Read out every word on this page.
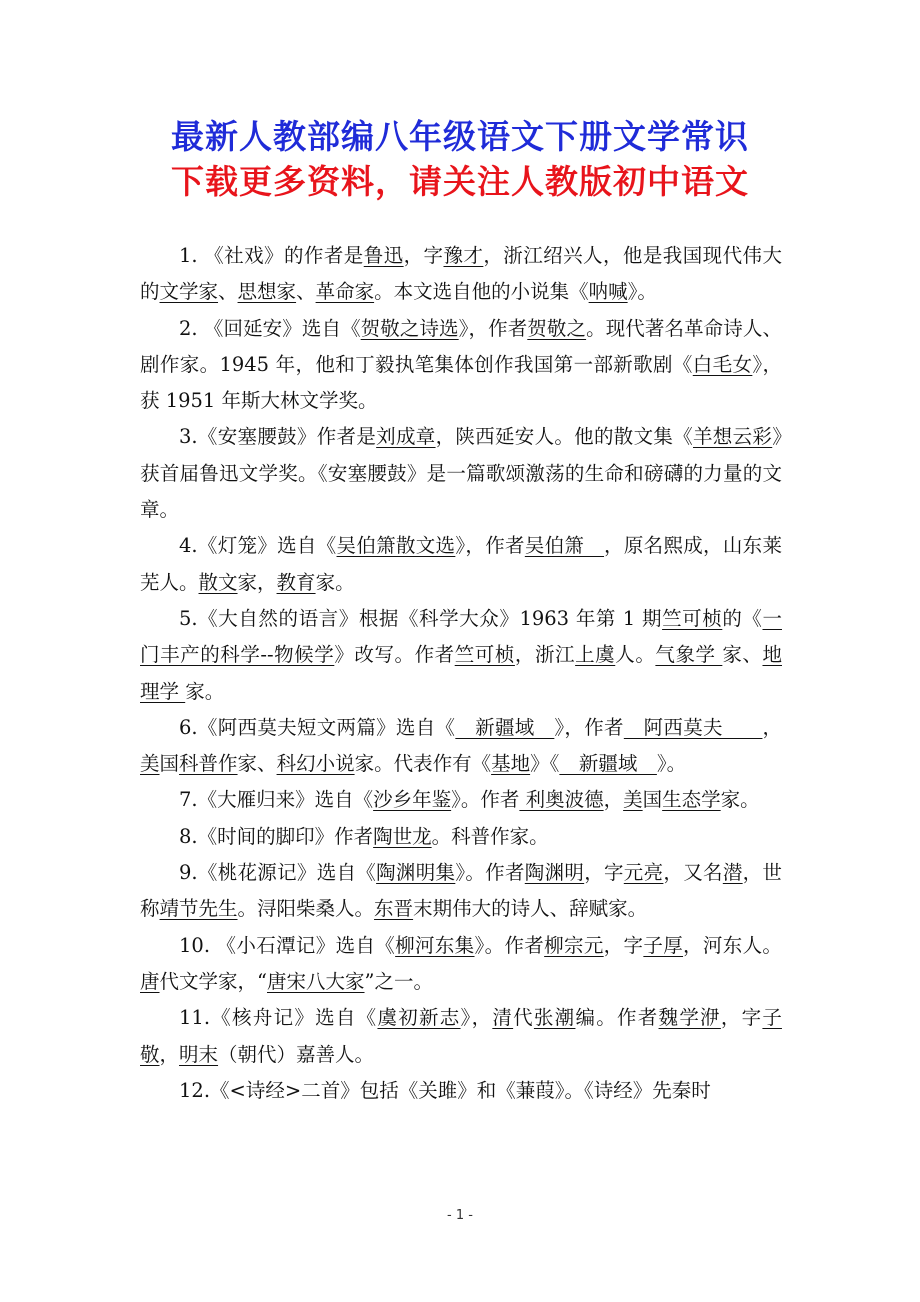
最新人教部编八年级语文下册文学常识
下载更多资料，请关注人教版初中语文

1. 《社戏》的作者是鲁迅，字豫才，浙江绍兴人，他是我国现代伟大的文学家、思想家、革命家。本文选自他的小说集《呐喊》。

2. 《回延安》选自《贺敬之诗选》，作者贺敬之。现代著名革命诗人、剧作家。1945 年，他和丁毅执笔集体创作我国第一部新歌剧《白毛女》，获 1951 年斯大林文学奖。

3.《安塞腰鼓》作者是刘成章，陕西延安人。他的散文集《羊想云彩》获首届鲁迅文学奖。《安塞腰鼓》是一篇歌颂激荡的生命和磅礴的力量的文章。

4.《灯笼》选自《吴伯箫散文选》，作者吴伯箫　，原名熙成，山东莱芜人。散文家，教育家。

5.《大自然的语言》根据《科学大众》1963 年第 1 期竺可桢的《一门丰产的科学--物候学》改写。作者竺可桢，浙江上虞人。气象学 家、地理学 家。

6.《阿西莫夫短文两篇》选自《　新疆域　》，作者　阿西莫夫　　，美国科普作家、科幻小说家。代表作有《基地》《　新疆域　》。

7.《大雁归来》选自《沙乡年鉴》。作者 利奥波德，美国生态学家。

8.《时间的脚印》作者陶世龙。科普作家。

9.《桃花源记》选自《陶渊明集》。作者陶渊明，字元亮，又名潜，世称靖节先生。浔阳柴桑人。东晋末期伟大的诗人、辞赋家。

10. 《小石潭记》选自《柳河东集》。作者柳宗元，字子厚，河东人。唐代文学家，“唐宋八大家”之一。

11.《核舟记》选自《虞初新志》，清代张潮编。作者魏学洢，字子敬，明末（朝代）嘉善人。

12.《<诗经>二首》包括《关雎》和《蒹葭》。《诗经》先秦时

- 1 -
